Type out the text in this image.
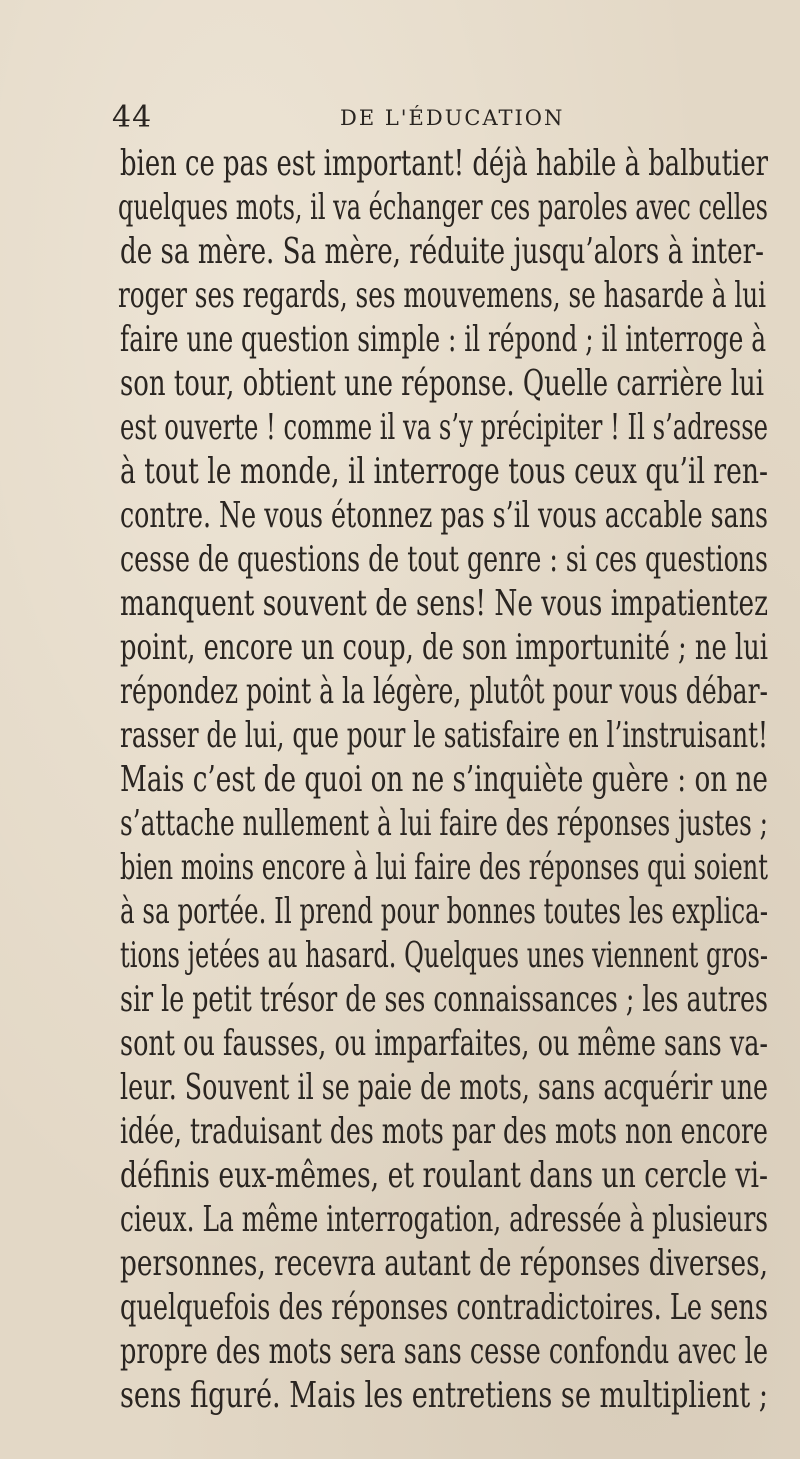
44	DE L'ÉDUCATION
bien ce pas est important! déjà habile à balbutier
quelques mots, il va échanger ces paroles avec celles
de sa mère. Sa mère, réduite jusqu’alors à inter-
roger ses regards, ses mouvemens, se hasarde à lui
faire une question simple : il répond ; il interroge à
son tour, obtient une réponse. Quelle carrière lui
est ouverte ! comme il va s’y précipiter ! Il s’adresse
à tout le monde, il interroge tous ceux qu’il ren-
contre. Ne vous étonnez pas s’il vous accable sans
cesse de questions de tout genre : si ces questions
manquent souvent de sens! Ne vous impatientez
point, encore un coup, de son importunité ; ne lui
répondez point à la légère, plutôt pour vous débar-
rasser de lui, que pour le satisfaire en l’instruisant!
Mais c’est de quoi on ne s’inquiète guère : on ne
s’attache nullement à lui faire des réponses justes ;
bien moins encore à lui faire des réponses qui soient
à sa portée. Il prend pour bonnes toutes les explica-
tions jetées au hasard. Quelques unes viennent gros-
sir le petit trésor de ses connaissances ; les autres
sont ou fausses, ou imparfaites, ou même sans va-
leur. Souvent il se paie de mots, sans acquérir une
idée, traduisant des mots par des mots non encore
définis eux-mêmes, et roulant dans un cercle vi-
cieux. La même interrogation, adressée à plusieurs
personnes, recevra autant de réponses diverses,
quelquefois des réponses contradictoires. Le sens
propre des mots sera sans cesse confondu avec le
sens figuré. Mais les entretiens se multiplient ;
